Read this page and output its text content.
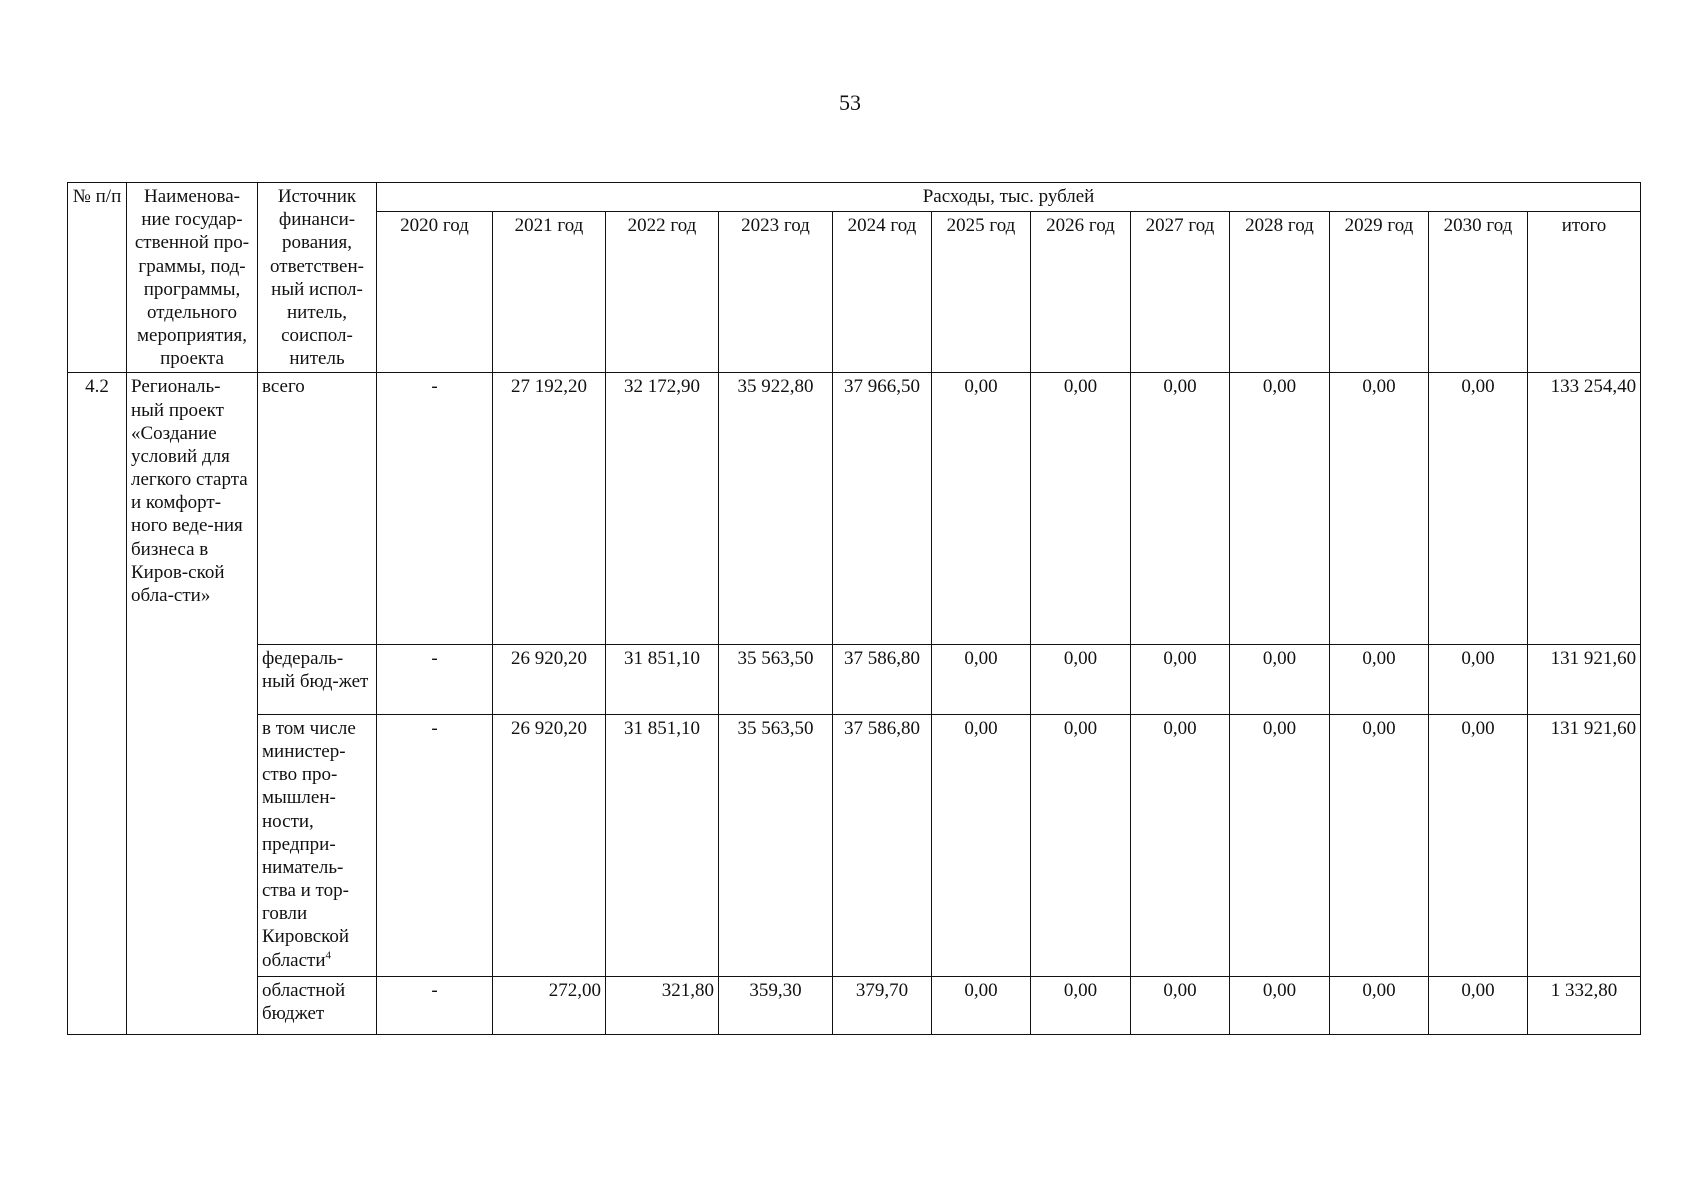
53
№ п/п	Наименова-ние государ-ственной про-граммы, под-программы, отдельного мероприятия, проекта	Источник финанси-рования, ответствен-ный испол-нитель, соиспол-нитель	Расходы, тыс. рублей											
			2020 год	2021 год	2022 год	2023 год	2024 год	2025 год	2026 год	2027 год	2028 год	2029 год	2030 год	итого
4.2	Региональ-ный проект «Создание условий для легкого старта и комфорт-ного веде-ния бизнеса в Киров-ской обла-сти»	всего	-	27 192,20	32 172,90	35 922,80	37 966,50	0,00	0,00	0,00	0,00	0,00	0,00	133 254,40
		федераль-ный бюд-жет	-	26 920,20	31 851,10	35 563,50	37 586,80	0,00	0,00	0,00	0,00	0,00	0,00	131 921,60
		в том числе министер-ство про-мышлен-ности, предпри-ниматель-ства и тор-говли Кировской области$^4$	-	26 920,20	31 851,10	35 563,50	37 586,80	0,00	0,00	0,00	0,00	0,00	0,00	131 921,60
		областной бюджет	-	272,00	321,80	359,30	379,70	0,00	0,00	0,00	0,00	0,00	0,00	1 332,80
